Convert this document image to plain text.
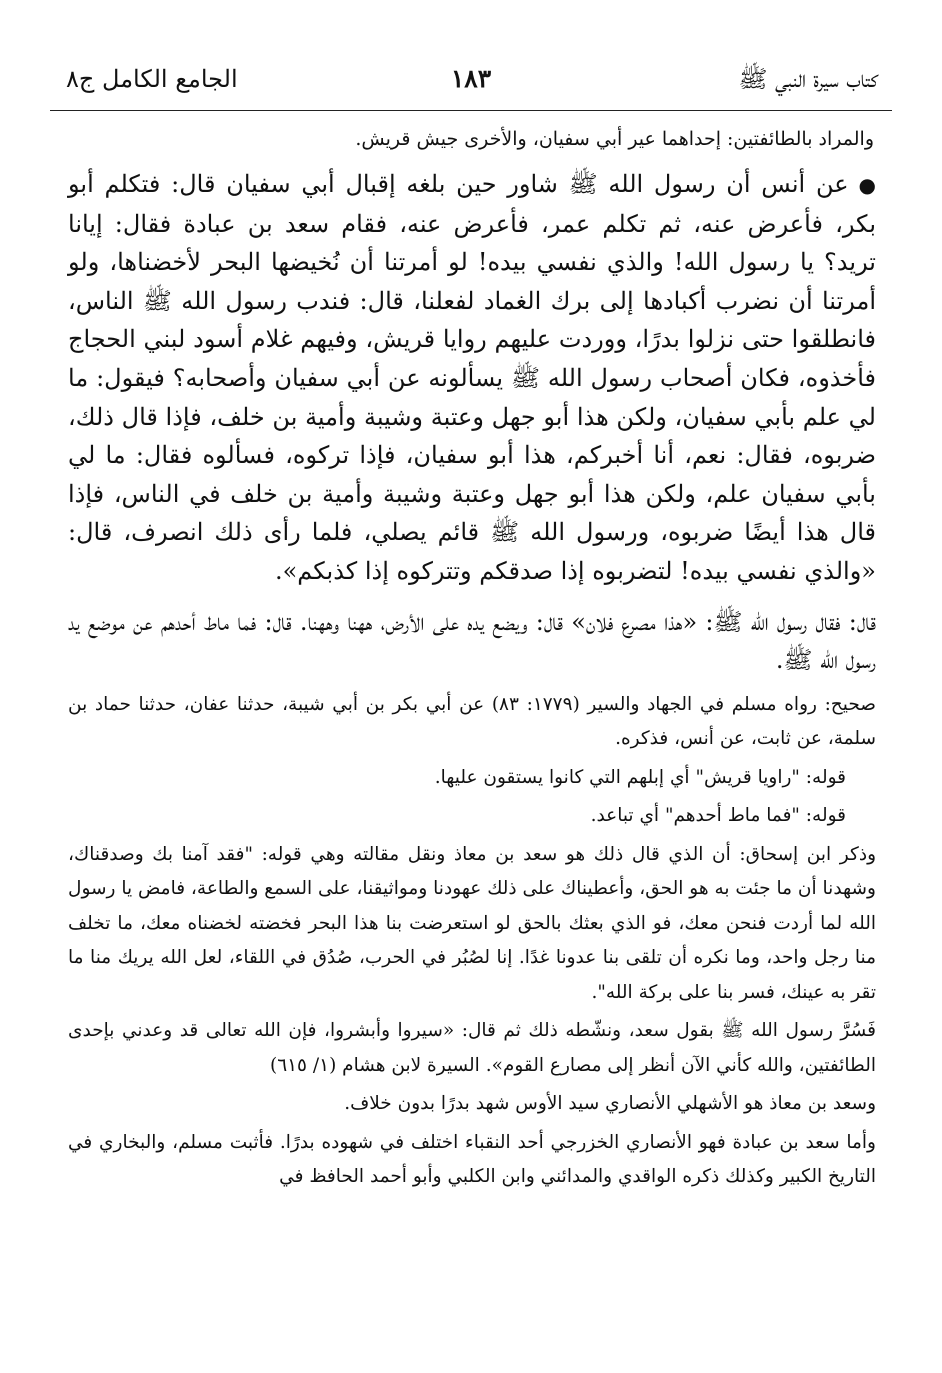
كتاب سيرة النبي ﷺ
١٨٣
الجامع الكامل ج٨

والمراد بالطائفتين: إحداهما عير أبي سفيان، والأخرى جيش قريش.

●عن أنس أن رسول الله ﷺ شاور حين بلغه إقبال أبي سفيان قال: فتكلم أبو بكر، فأعرض عنه، ثم تكلم عمر، فأعرض عنه، فقام سعد بن عبادة فقال: إيانا تريد؟ يا رسول الله! والذي نفسي بيده! لو أمرتنا أن نُخيضها البحر لأخضناها، ولو أمرتنا أن نضرب أكبادها إلى برك الغماد لفعلنا، قال: فندب رسول الله ﷺ الناس، فانطلقوا حتى نزلوا بدرًا، ووردت عليهم روايا قريش، وفيهم غلام أسود لبني الحجاج فأخذوه، فكان أصحاب رسول الله ﷺ يسألونه عن أبي سفيان وأصحابه؟ فيقول: ما لي علم بأبي سفيان، ولكن هذا أبو جهل وعتبة وشيبة وأمية بن خلف، فإذا قال ذلك، ضربوه، فقال: نعم، أنا أخبركم، هذا أبو سفيان، فإذا تركوه، فسألوه فقال: ما لي بأبي سفيان علم، ولكن هذا أبو جهل وعتبة وشيبة وأمية بن خلف في الناس، فإذا قال هذا أيضًا ضربوه، ورسول الله ﷺ قائم يصلي، فلما رأى ذلك انصرف، قال: «والذي نفسي بيده! لتضربوه إذا صدقكم وتتركوه إذا كذبكم».
قال: فقال رسول الله ﷺ: «هذا مصرع فلان» قال: ويضع يده على الأرض، ههنا وههنا. قال: فما ماط أحدهم عن موضع يد رسول الله ﷺ.

صحيح: رواه مسلم في الجهاد والسير (١٧٧٩: ٨٣) عن أبي بكر بن أبي شيبة، حدثنا عفان، حدثنا حماد بن سلمة، عن ثابت، عن أنس، فذكره.

قوله: "راويا قريش" أي إبلهم التي كانوا يستقون عليها.

قوله: "فما ماط أحدهم" أي تباعد.

وذكر ابن إسحاق: أن الذي قال ذلك هو سعد بن معاذ ونقل مقالته وهي قوله: "فقد آمنا بك وصدقناك، وشهدنا أن ما جئت به هو الحق، وأعطيناك على ذلك عهودنا ومواثيقنا، على السمع والطاعة، فامض يا رسول الله لما أردت فنحن معك، فو الذي بعثك بالحق لو استعرضت بنا هذا البحر فخضته لخضناه معك، ما تخلف منا رجل واحد، وما نكره أن تلقى بنا عدونا غدًا. إنا لصُبُر في الحرب، صُدُق في اللقاء، لعل الله يريك منا ما تقر به عينك، فسر بنا على بركة الله".

فَسُرَّ رسول الله ﷺ بقول سعد، ونشّطه ذلك ثم قال: «سيروا وأبشروا، فإن الله تعالى قد وعدني بإحدى الطائفتين، والله كأني الآن أنظر إلى مصارع القوم». السيرة لابن هشام (١/ ٦١٥)

وسعد بن معاذ هو الأشهلي الأنصاري سيد الأوس شهد بدرًا بدون خلاف.

وأما سعد بن عبادة فهو الأنصاري الخزرجي أحد النقباء اختلف في شهوده بدرًا. فأثبت مسلم، والبخاري في التاريخ الكبير وكذلك ذكره الواقدي والمدائني وابن الكلبي وأبو أحمد الحافظ في
